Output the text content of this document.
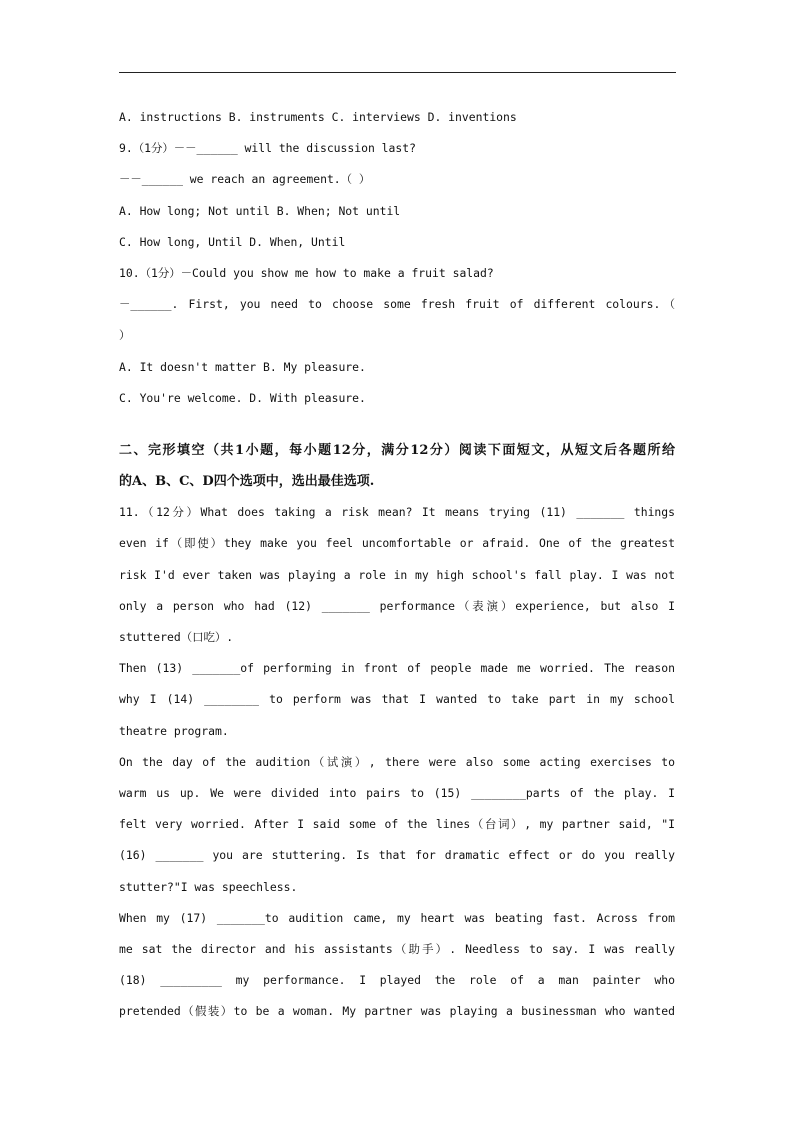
A. instructions B. instruments C. interviews D. inventions
9.（1分）－－______ will the discussion last?
－－______ we reach an agreement.（ ）
A. How long; Not until B. When; Not until
C. How long, Until D. When, Until
10.（1分）－Could you show me how to make a fruit salad?
－______. First, you need to choose some fresh fruit of different colours.（
）
A. It doesn't matter B. My pleasure.
C. You're welcome. D. With pleasure.
二、完形填空（共1小题，每小题12分，满分12分）阅读下面短文，从短文后各题所给
的A、B、C、D四个选项中，选出最佳选项.
11.（12分）What does taking a risk mean? It means trying (11) _______ things
even if（即使）they make you feel uncomfortable or afraid. One of the greatest
risk I'd ever taken was playing a role in my high school's fall play. I was not
only a person who had (12) _______ performance（表演）experience, but also I
stuttered（口吃）.
Then (13) _______of performing in front of people made me worried. The reason
why I (14) ________ to perform was that I wanted to take part in my school
theatre program.
On the day of the audition（试演）, there were also some acting exercises to
warm us up. We were divided into pairs to (15) ________parts of the play. I
felt very worried. After I said some of the lines（台词）, my partner said, "I
(16) _______ you are stuttering. Is that for dramatic effect or do you really
stutter?"I was speechless.
When my (17) _______to audition came, my heart was beating fast. Across from
me sat the director and his assistants（助手）. Needless to say. I was really
(18) _________ my performance. I played the role of a man painter who
pretended（假装）to be a woman. My partner was playing a businessman who wanted
